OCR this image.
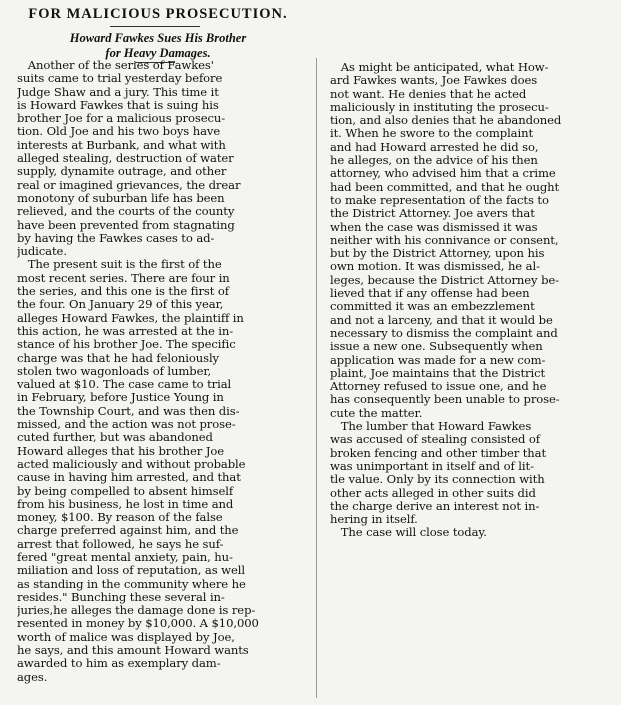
FOR MALICIOUS PROSECUTION.
Howard Fawkes Sues His Brother
for Heavy Damages.
Another of the series of Fawkes'
suits came to trial yesterday before
Judge Shaw and a jury. This time it
is Howard Fawkes that is suing his
brother Joe for a malicious prosecu-
tion. Old Joe and his two boys have
interests at Burbank, and what with
alleged stealing, destruction of water
supply, dynamite outrage, and other
real or imagined grievances, the drear
monotony of suburban life has been
relieved, and the courts of the county
have been prevented from stagnating
by having the Fawkes cases to ad-
judicate.
The present suit is the first of the
most recent series. There are four in
the series, and this one is the first of
the four. On January 29 of this year,
alleges Howard Fawkes, the plaintiff in
this action, he was arrested at the in-
stance of his brother Joe. The specific
charge was that he had feloniously
stolen two wagonloads of lumber,
valued at $10. The case came to trial
in February, before Justice Young in
the Township Court, and was then dis-
missed, and the action was not prose-
cuted further, but was abandoned
Howard alleges that his brother Joe
acted maliciously and without probable
cause in having him arrested, and that
by being compelled to absent himself
from his business, he lost in time and
money, $100. By reason of the false
charge preferred against him, and the
arrest that followed, he says he suf-
fered "great mental anxiety, pain, hu-
miliation and loss of reputation, as well
as standing in the community where he
resides." Bunching these several in-
juries,he alleges the damage done is rep-
resented in money by $10,000. A $10,000
worth of malice was displayed by Joe,
he says, and this amount Howard wants
awarded to him as exemplary dam-
ages.
As might be anticipated, what How-
ard Fawkes wants, Joe Fawkes does
not want. He denies that he acted
maliciously in instituting the prosecu-
tion, and also denies that he abandoned
it. When he swore to the complaint
and had Howard arrested he did so,
he alleges, on the advice of his then
attorney, who advised him that a crime
had been committed, and that he ought
to make representation of the facts to
the District Attorney. Joe avers that
when the case was dismissed it was
neither with his connivance or consent,
but by the District Attorney, upon his
own motion. It was dismissed, he al-
leges, because the District Attorney be-
lieved that if any offense had been
committed it was an embezzlement
and not a larceny, and that it would be
necessary to dismiss the complaint and
issue a new one. Subsequently when
application was made for a new com-
plaint, Joe maintains that the District
Attorney refused to issue one, and he
has consequently been unable to prose-
cute the matter.
The lumber that Howard Fawkes
was accused of stealing consisted of
broken fencing and other timber that
was unimportant in itself and of lit-
tle value. Only by its connection with
other acts alleged in other suits did
the charge derive an interest not in-
hering in itself.
The case will close today.
